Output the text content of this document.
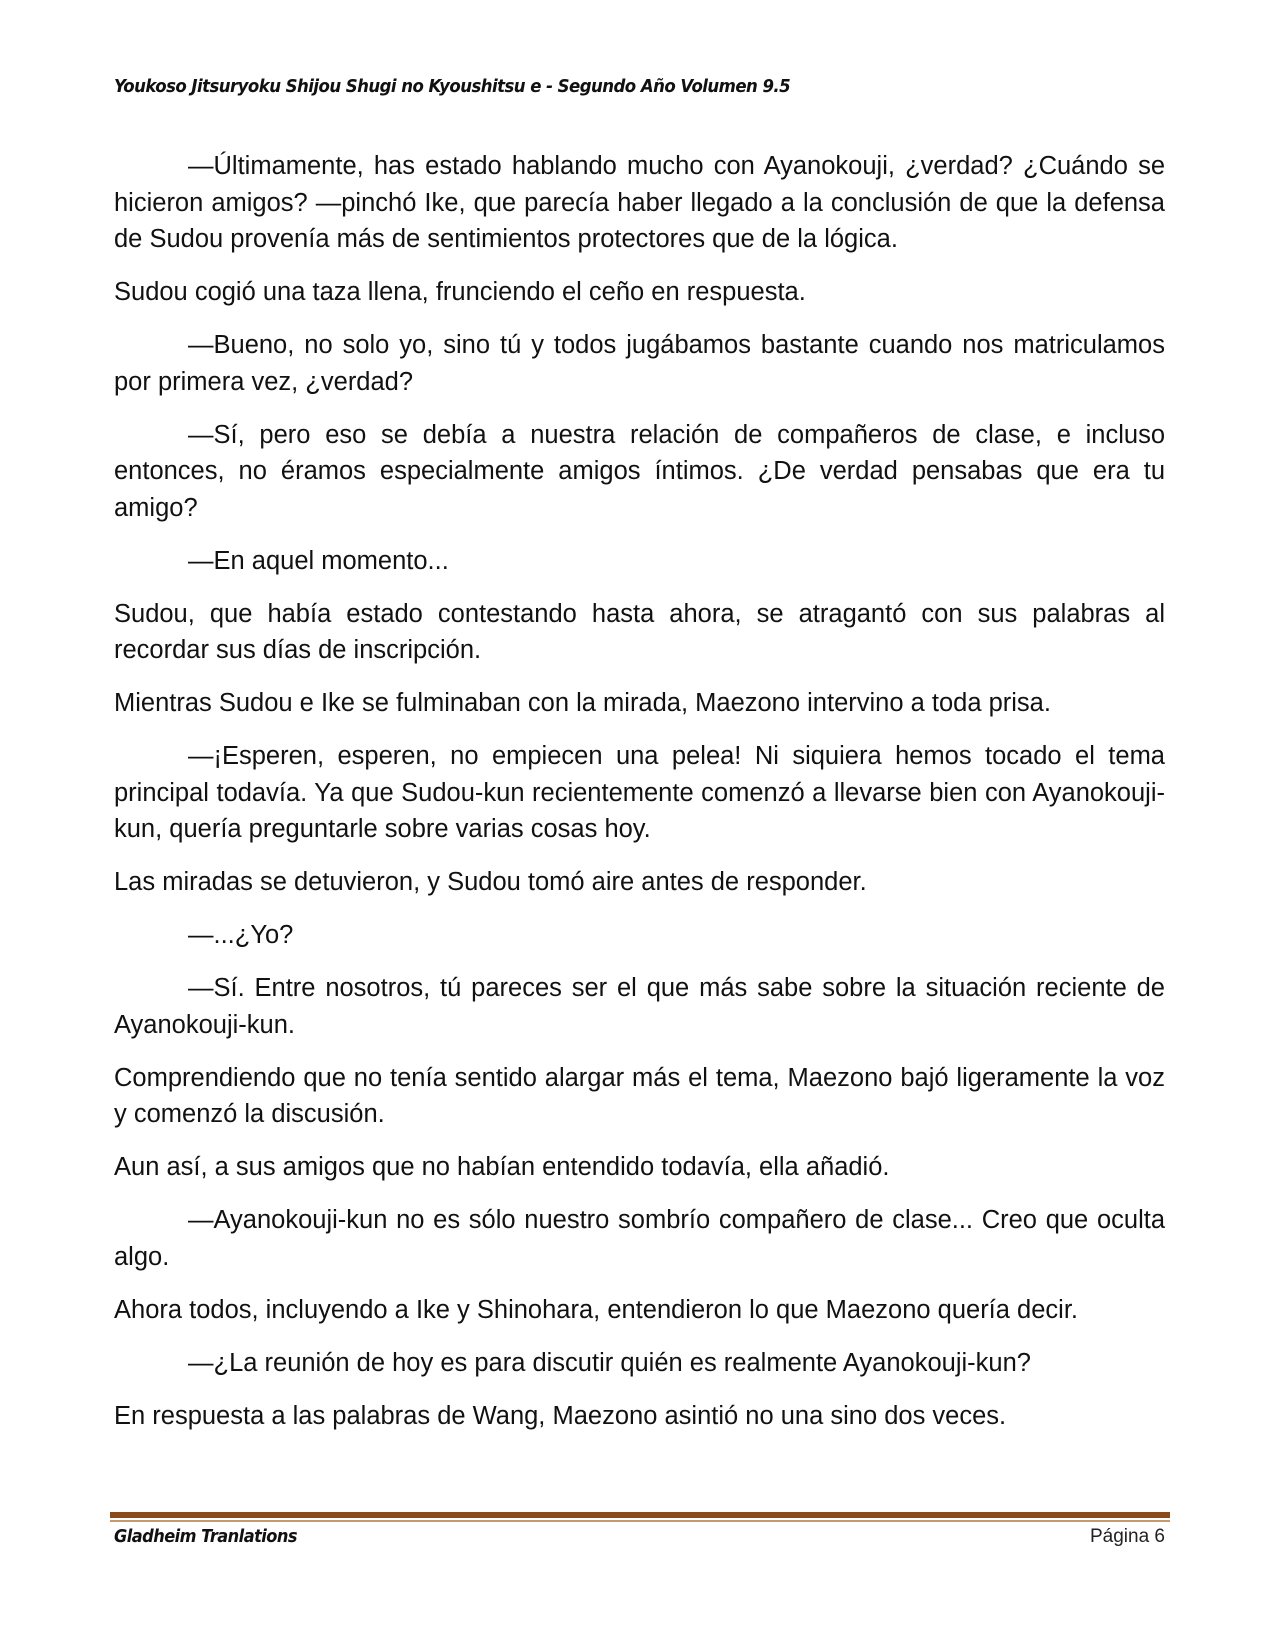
Youkoso Jitsuryoku Shijou Shugi no Kyoushitsu e - Segundo Año Volumen 9.5

—Últimamente, has estado hablando mucho con Ayanokouji, ¿verdad? ¿Cuándo se hicieron amigos? —pinchó Ike, que parecía haber llegado a la conclusión de que la defensa de Sudou provenía más de sentimientos protectores que de la lógica.

Sudou cogió una taza llena, frunciendo el ceño en respuesta.

—Bueno, no solo yo, sino tú y todos jugábamos bastante cuando nos matriculamos por primera vez, ¿verdad?

—Sí, pero eso se debía a nuestra relación de compañeros de clase, e incluso entonces, no éramos especialmente amigos íntimos. ¿De verdad pensabas que era tu amigo?

—En aquel momento...

Sudou, que había estado contestando hasta ahora, se atragantó con sus palabras al recordar sus días de inscripción.

Mientras Sudou e Ike se fulminaban con la mirada, Maezono intervino a toda prisa.

—¡Esperen, esperen, no empiecen una pelea! Ni siquiera hemos tocado el tema principal todavía. Ya que Sudou-kun recientemente comenzó a llevarse bien con Ayanokouji-kun, quería preguntarle sobre varias cosas hoy.

Las miradas se detuvieron, y Sudou tomó aire antes de responder.

—...¿Yo?

—Sí. Entre nosotros, tú pareces ser el que más sabe sobre la situación reciente de Ayanokouji-kun.

Comprendiendo que no tenía sentido alargar más el tema, Maezono bajó ligeramente la voz y comenzó la discusión.

Aun así, a sus amigos que no habían entendido todavía, ella añadió.

—Ayanokouji-kun no es sólo nuestro sombrío compañero de clase... Creo que oculta algo.

Ahora todos, incluyendo a Ike y Shinohara, entendieron lo que Maezono quería decir.

—¿La reunión de hoy es para discutir quién es realmente Ayanokouji-kun?

En respuesta a las palabras de Wang, Maezono asintió no una sino dos veces.

Gladheim Tranlations	Página 6
